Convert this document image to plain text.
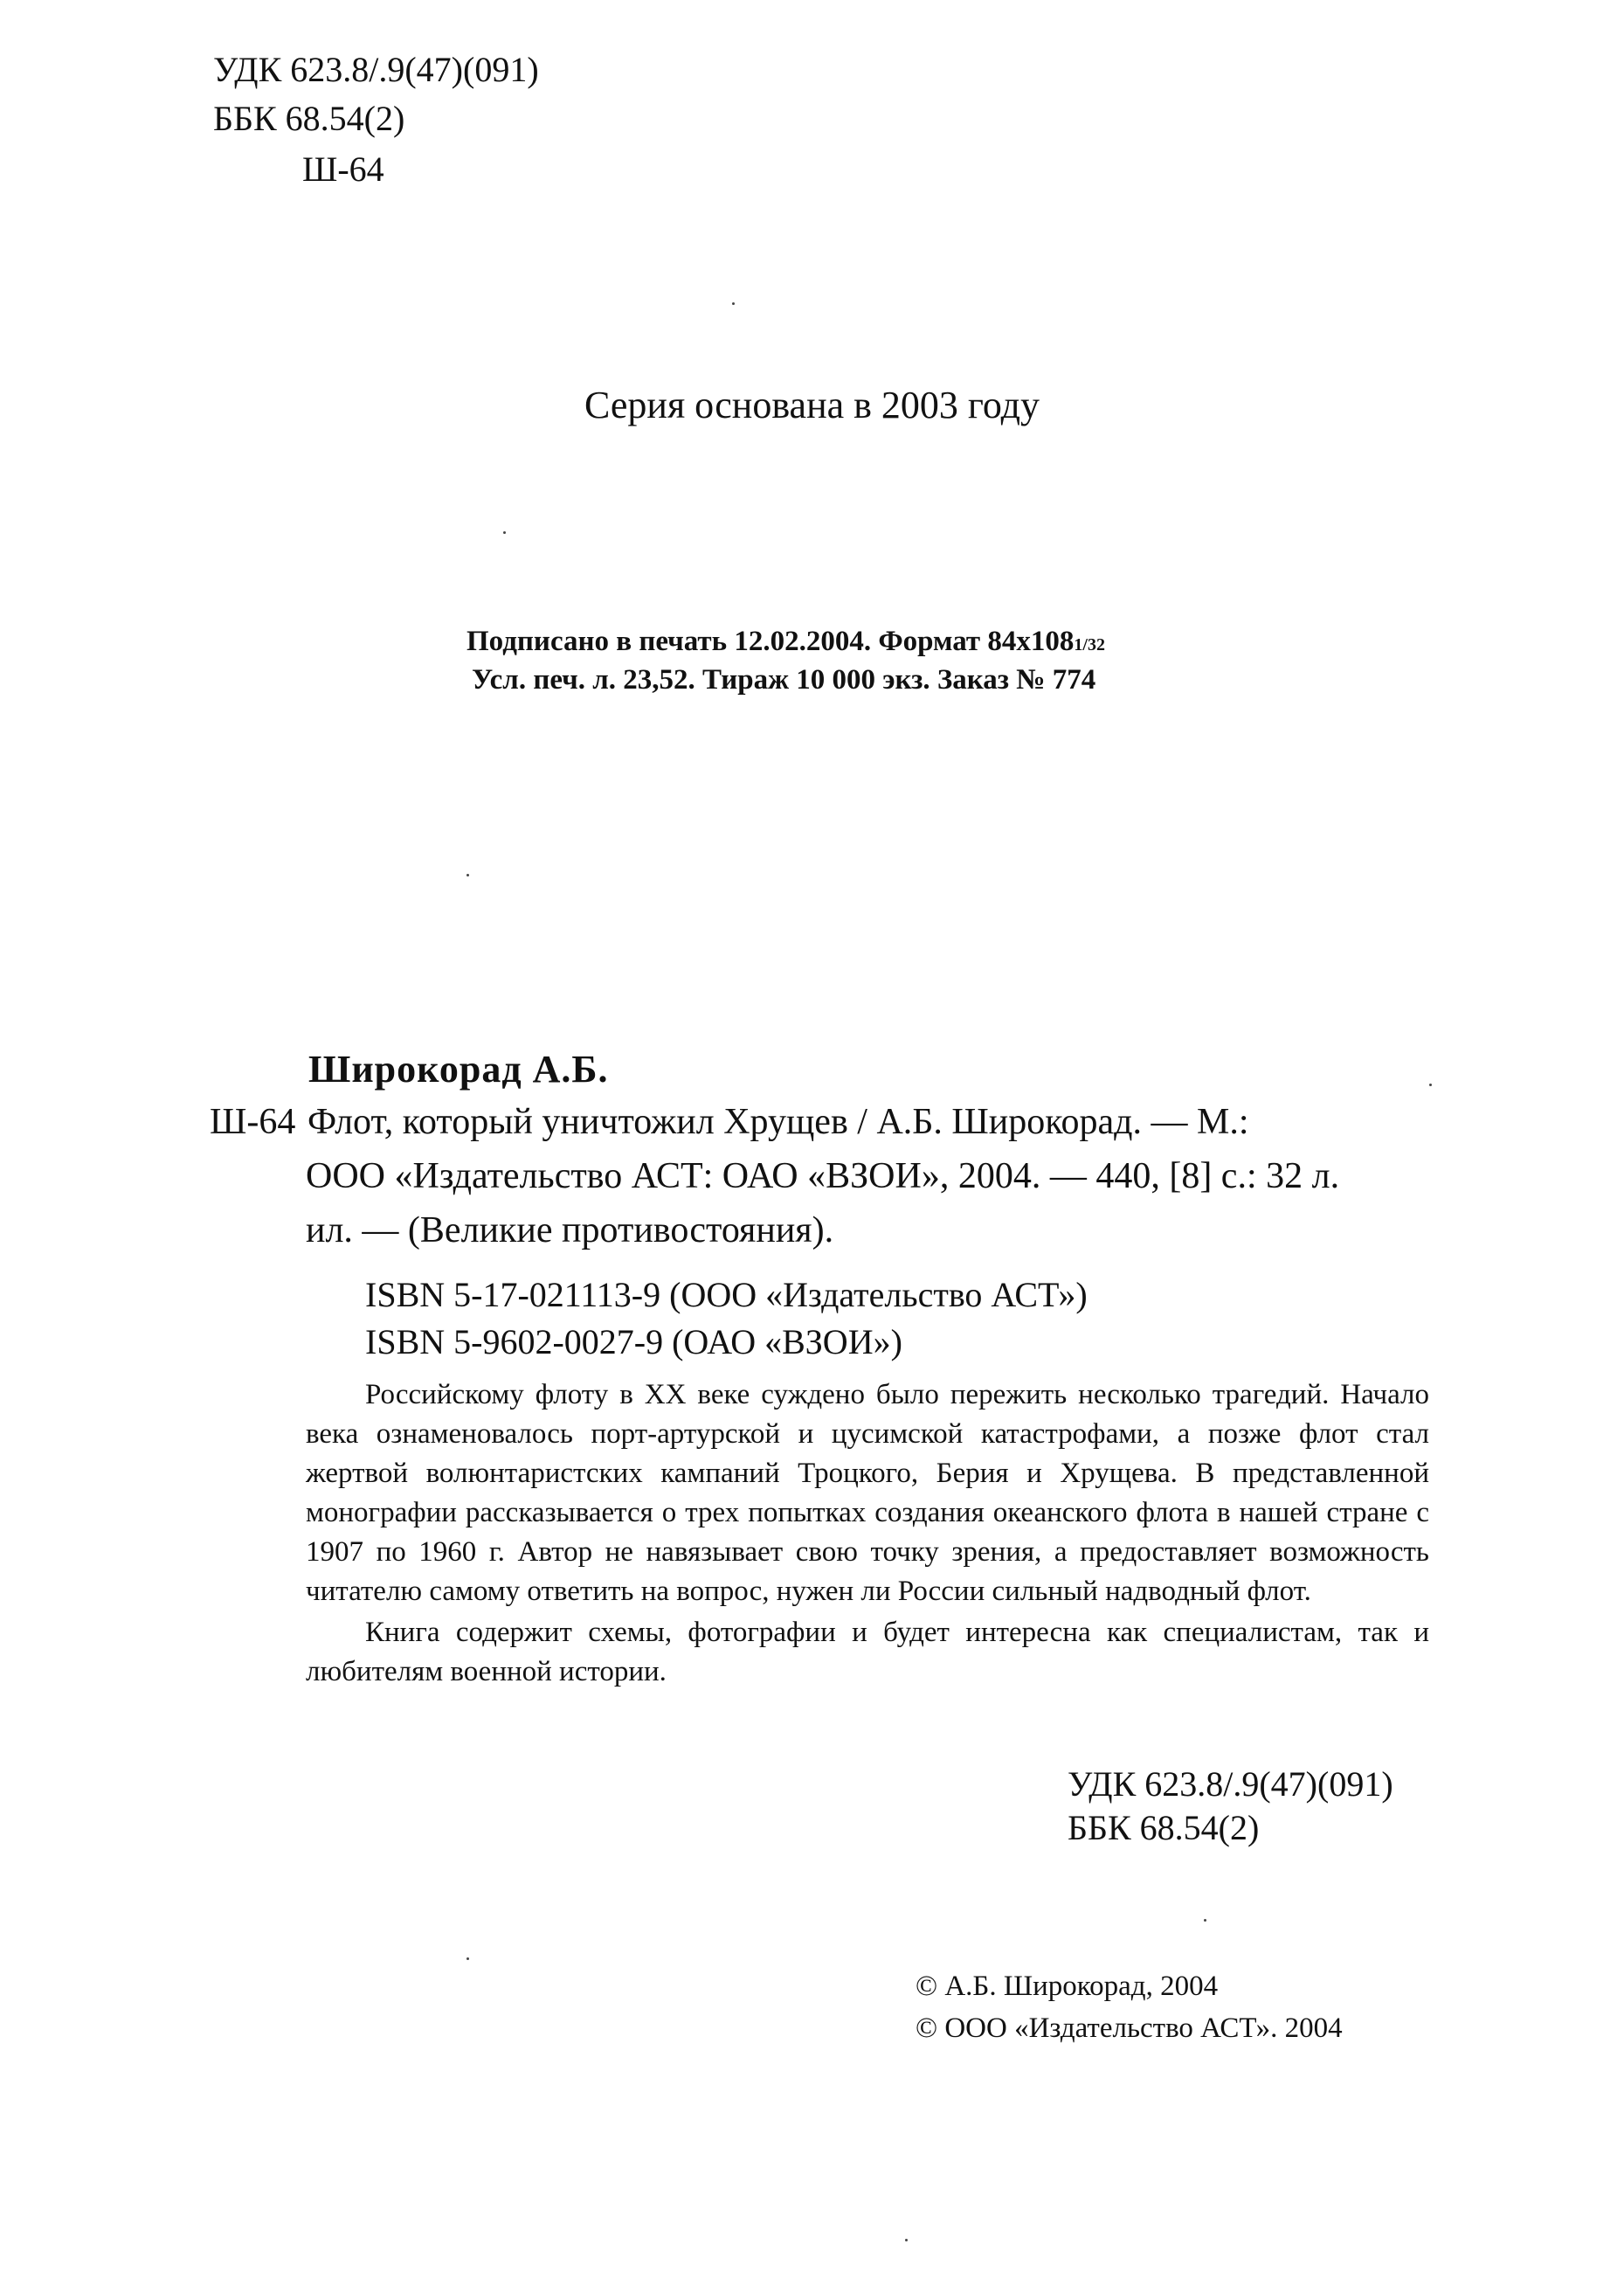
УДК 623.8/.9(47)(091)
ББК 68.54(2)
Ш-64
Серия основана в 2003 году
Подписано в печать 12.02.2004. Формат 84x1081/32
Усл. печ. л. 23,52. Тираж 10 000 экз. Заказ № 774
Широкорад А.Б.
Ш-64 Флот, который уничтожил Хрущев / А.Б. Широкорад. — М.:
ООО «Издательство АСТ: ОАО «ВЗОИ», 2004. — 440, [8] с.: 32 л.
ил. — (Великие противостояния).
ISBN 5-17-021113-9 (ООО «Издательство АСТ»)
ISBN 5-9602-0027-9 (ОАО «ВЗОИ»)

Российскому флоту в XX веке суждено было пережить несколько трагедий. Начало века ознаменовалось порт-артурской и цусимской катастрофами, а позже флот стал жертвой волюнтаристских кампаний Троцкого, Берия и Хрущева. В представленной монографии рассказывается о трех попытках создания океанского флота в нашей стране с 1907 по 1960 г. Автор не навязывает свою точку зрения, а предоставляет возможность читателю самому ответить на вопрос, нужен ли России сильный надводный флот.

Книга содержит схемы, фотографии и будет интересна как специалистам, так и любителям военной истории.

УДК 623.8/.9(47)(091)
ББК 68.54(2)
© А.Б. Широкорад, 2004
© ООО «Издательство АСТ». 2004
